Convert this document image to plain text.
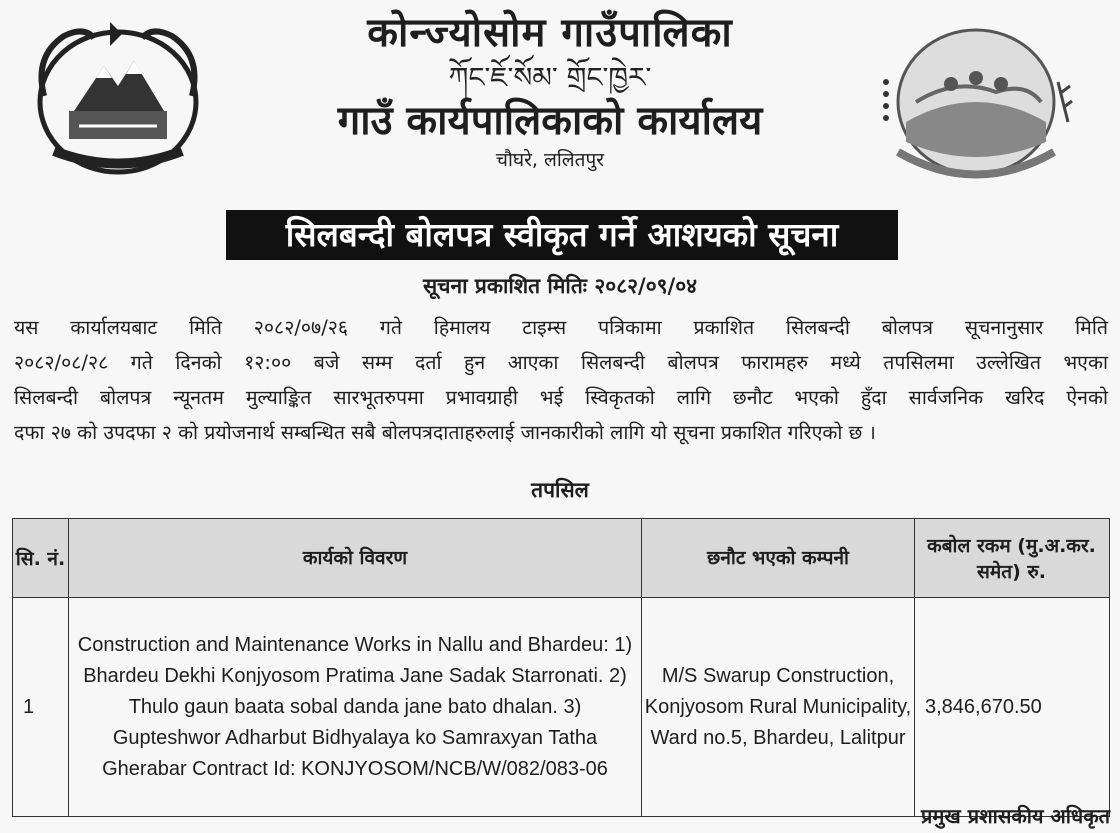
कोन्ज्योसोम गाउँपालिका
ཀོང་ཇོ་སོམ་ གྲོང་ཁྱེར་
गाउँ कार्यपालिकाको कार्यालय
चौघरे, ललितपुर
सिलबन्दी बोलपत्र स्वीकृत गर्ने आशयको सूचना
सूचना प्रकाशित मितिः २०८२/०९/०४

यस कार्यालयबाट मिति २०८२/०७/२६ गते हिमालय टाइम्स पत्रिकामा प्रकाशित सिलबन्दी बोलपत्र सूचनानुसार मिति
२०८२/०८/२८ गते दिनको १२:०० बजे सम्म दर्ता हुन आएका सिलबन्दी बोलपत्र फारामहरु मध्ये तपसिलमा उल्लेखित भएका
सिलबन्दी बोलपत्र न्यूनतम मुल्याङ्कित सारभूतरुपमा प्रभावग्राही भई स्विकृतको लागि छनौट भएको हुँदा सार्वजनिक खरिद ऐनको
दफा २७ को उपदफा २ को प्रयोजनार्थ सम्बन्धित सबै बोलपत्रदाताहरुलाई जानकारीको लागि यो सूचना प्रकाशित गरिएको छ ।

तपसिल
सि. नं.	कार्यको विवरण	छनौट भएको कम्पनी	कबोल रकम (मु.अ.कर. समेत) रु.
1	Construction and Maintenance Works in Nallu and Bhardeu: 1) Bhardeu Dekhi Konjyosom Pratima Jane Sadak Starronati. 2) Thulo gaun baata sobal danda jane bato dhalan. 3) Gupteshwor Adharbut Bidhyalaya ko Samraxyan Tatha Gherabar Contract Id: KONJYOSOM/NCB/W/082/083-06	M/S Swarup Construction, Konjyosom Rural Municipality, Ward no.5, Bhardeu, Lalitpur	3,846,670.50
प्रमुख प्रशासकीय अधिकृत
